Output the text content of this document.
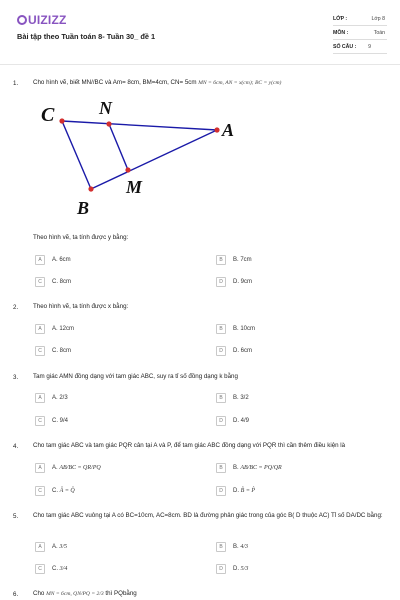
UIZIZZ
Bài tập theo Tuần toán 8- Tuần 30_ đề 1
LỚP :	Lớp 8
MÔN :	Toán
SỐ CÂU : 9
1. Cho hình vẽ, biết MN//BC và Am= 8cm, BM=4cm, CN= 5cm MN = 6cm, AN = x(cm); BC = y(cm)
C N
A
M
B
Theo hình vẽ, ta tính được y bằng:
A	A. 6cm	B	B. 7cm
C	C. 8cm	D	D. 9cm
2. Theo hình vẽ, ta tính được x bằng:
A	A. 12cm	B	B. 10cm
C	C. 8cm	D	D. 6cm
3. Tam giác AMN đồng dạng với tam giác ABC, suy ra tỉ số đồng dạng k bằng
A	A. 2/3	B	B. 3/2
C	C. 9/4	D	D. 4/9
4. Cho tam giác ABC và tam giác PQR cân tại A và P, để tam giác ABC đồng dạng với PQR thì cần thêm điều kiện là
A	A. AB/BC = QR/PQ	B	B. AB/BC = PQ/QR
C	C. Â = Q̂	D	D. B̂ = P̂
5. Cho tam giác ABC vuông tại A có BC=10cm, AC=8cm. BD là đường phân giác trong của góc B( D thuộc AC) Tỉ số DA/DC bằng:
A	A. 3/5	B	B. 4/3
C	C. 3/4	D	D. 5/3
6. Cho MN = 6cm, QN/PQ = 2/3 thì PQbằng
